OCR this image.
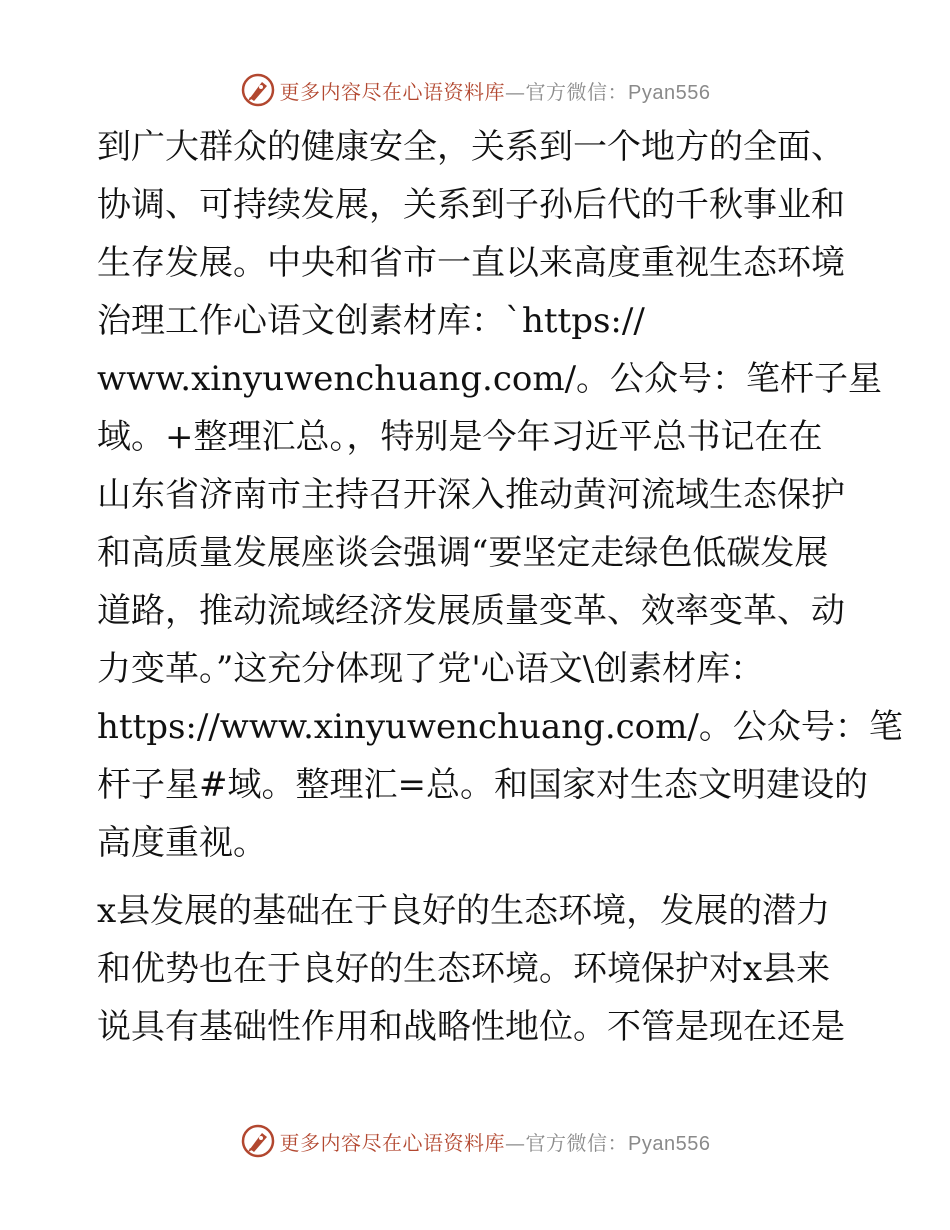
更多内容尽在心语资料库—官方微信：Pyan556
到广大群众的健康安全，关系到一个地方的全面、
协调、可持续发展，关系到子孙后代的千秋事业和
生存发展。中央和省市一直以来高度重视生态环境
治理工作心语文创素材库：`https://
www.xinyuwenchuang.com/。公众号：笔杆子星
域。+整理汇总。，特别是今年习近平总书记在在
山东省济南市主持召开深入推动黄河流域生态保护
和高质量发展座谈会强调“要坚定走绿色低碳发展
道路，推动流域经济发展质量变革、效率变革、动
力变革。”这充分体现了党'心语文\创素材库：
https://www.xinyuwenchuang.com/。公众号：笔
杆子星#域。整理汇=总。和国家对生态文明建设的
高度重视。
x县发展的基础在于良好的生态环境，发展的潜力
和优势也在于良好的生态环境。环境保护对x县来
说具有基础性作用和战略性地位。不管是现在还是
更多内容尽在心语资料库—官方微信：Pyan556
